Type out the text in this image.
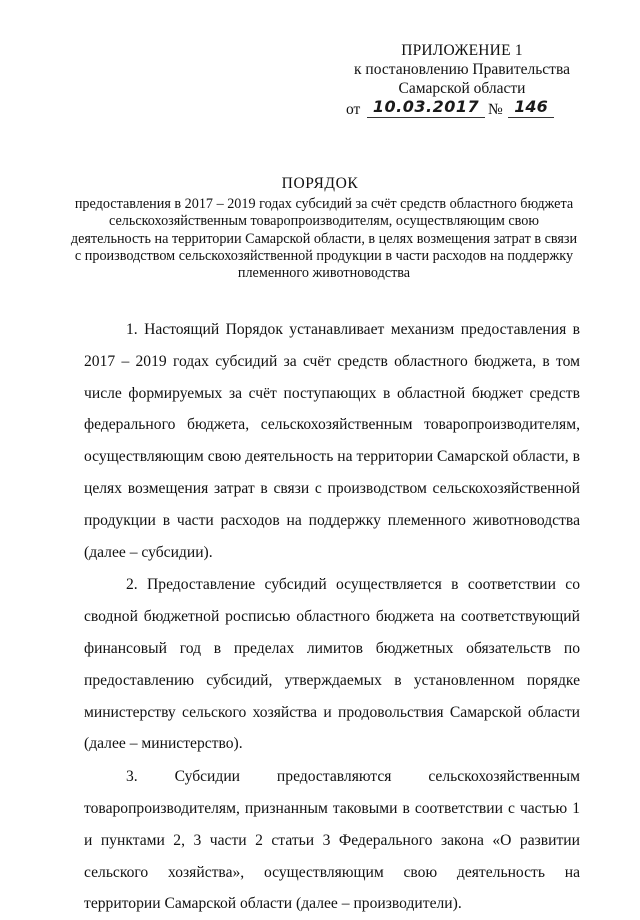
ПРИЛОЖЕНИЕ 1
к постановлению Правительства
Самарской области
от 10.03.2017 № 146
ПОРЯДОК
предоставления в 2017 – 2019 годах субсидий за счёт средств областного бюджета сельскохозяйственным товаропроизводителям, осуществляющим свою деятельность на территории Самарской области, в целях возмещения затрат в связи с производством сельскохозяйственной продукции в части расходов на поддержку племенного животноводства

1. Настоящий Порядок устанавливает механизм предоставления в 2017 – 2019 годах субсидий за счёт средств областного бюджета, в том числе формируемых за счёт поступающих в областной бюджет средств федерального бюджета, сельскохозяйственным товаропроизводителям, осуществляющим свою деятельность на территории Самарской области, в целях возмещения затрат в связи с производством сельскохозяйственной продукции в части расходов на поддержку племенного животноводства (далее – субсидии).

2. Предоставление субсидий осуществляется в соответствии со сводной бюджетной росписью областного бюджета на соответствующий финансовый год в пределах лимитов бюджетных обязательств по предоставлению субсидий, утверждаемых в установленном порядке министерству сельского хозяйства и продовольствия Самарской области (далее – министерство).

3. Субсидии предоставляются сельскохозяйственным товаропроизводителям, признанным таковыми в соответствии с частью 1 и пунктами 2, 3 части 2 статьи 3 Федерального закона «О развитии сельского хозяйства», осуществляющим свою деятельность на территории Самарской области (далее – производители).
